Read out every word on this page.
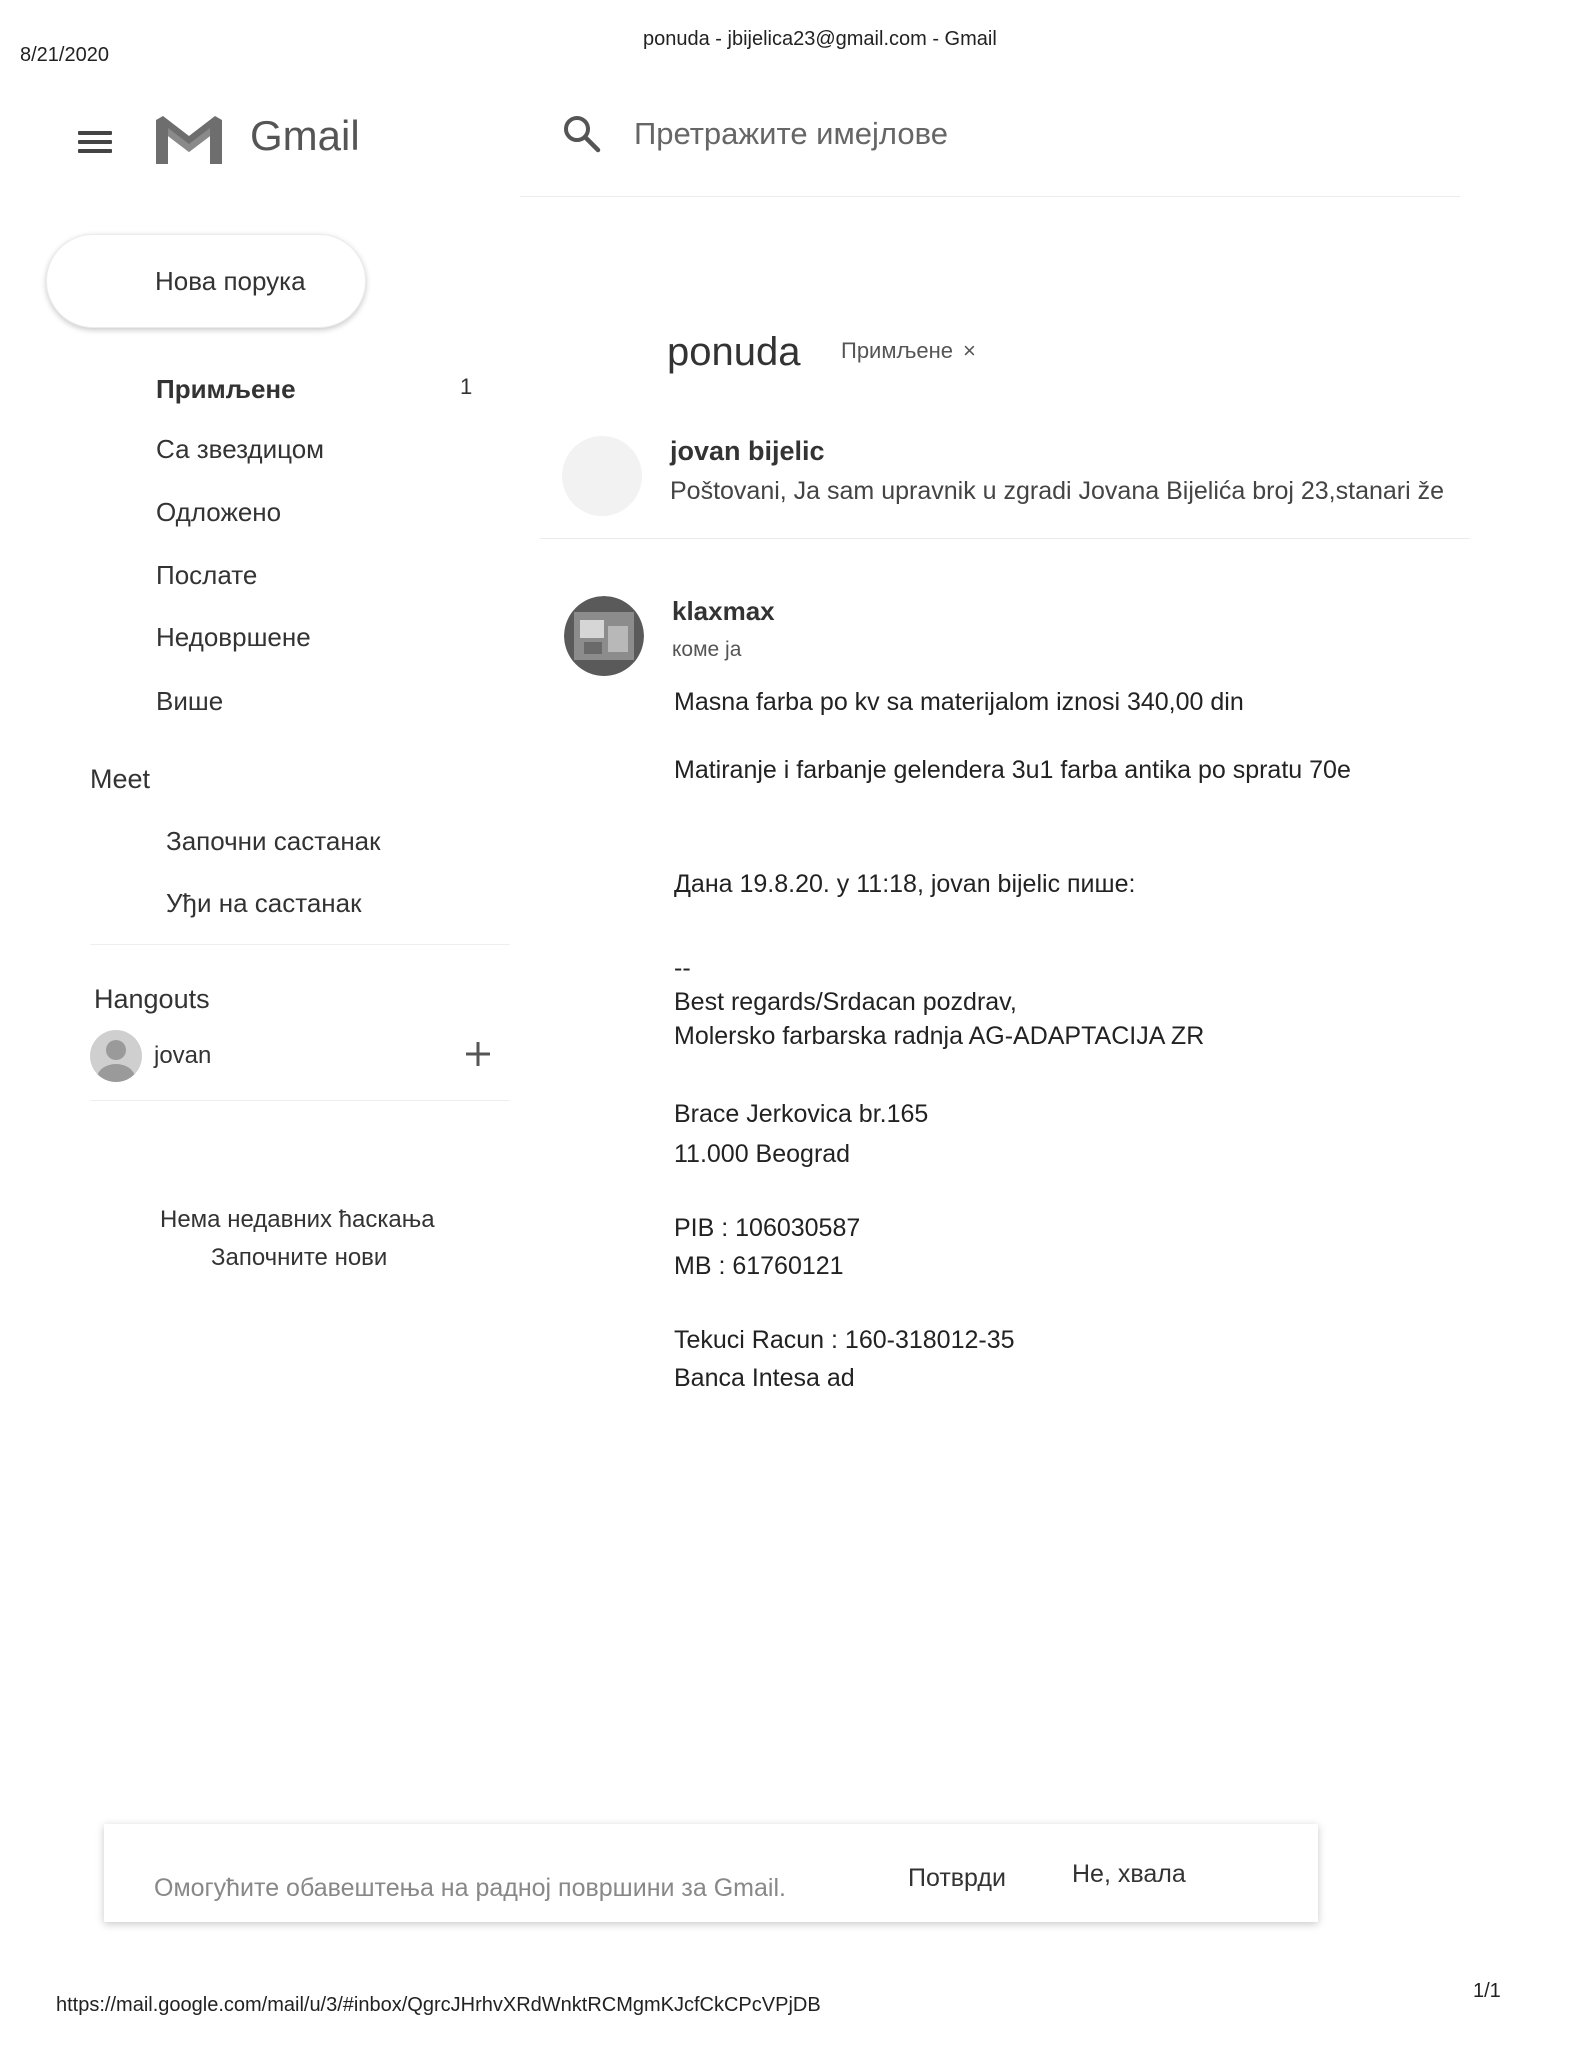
8/21/2020
ponuda - jbijelica23@gmail.com - Gmail
Gmail
Претражите имејлове
Нова порука
Примљене	1
Са звездицом
Одложено
Послате
Недовршене
Више
Meet
Започни састанак
Уђи на састанак
Hangouts
jovan
Нема недавних ћаскања
Започните нови
ponuda Примљене ×
jovan bijelic
Poštovani, Ja sam upravnik u zgradi Jovana Bijelića broj 23,stanari že
klaxmax
коме ја
Masna farba po kv sa materijalom iznosi 340,00 din
Matiranje i farbanje gelendera 3u1 farba antika po spratu 70e
Дана 19.8.20. у 11:18, jovan bijelic пише:
--
Best regards/Srdacan pozdrav,
Molersko farbarska radnja AG-ADAPTACIJA ZR
Brace Jerkovica br.165
11.000 Beograd
PIB : 106030587
MB : 61760121
Tekuci Racun : 160-318012-35
Banca Intesa ad
Омогућите обавештења на радној површини за Gmail.	Потврди	Не, хвала
https://mail.google.com/mail/u/3/#inbox/QgrcJHrhvXRdWnktRCMgmKJcfCkCPcVPjDB
1/1
